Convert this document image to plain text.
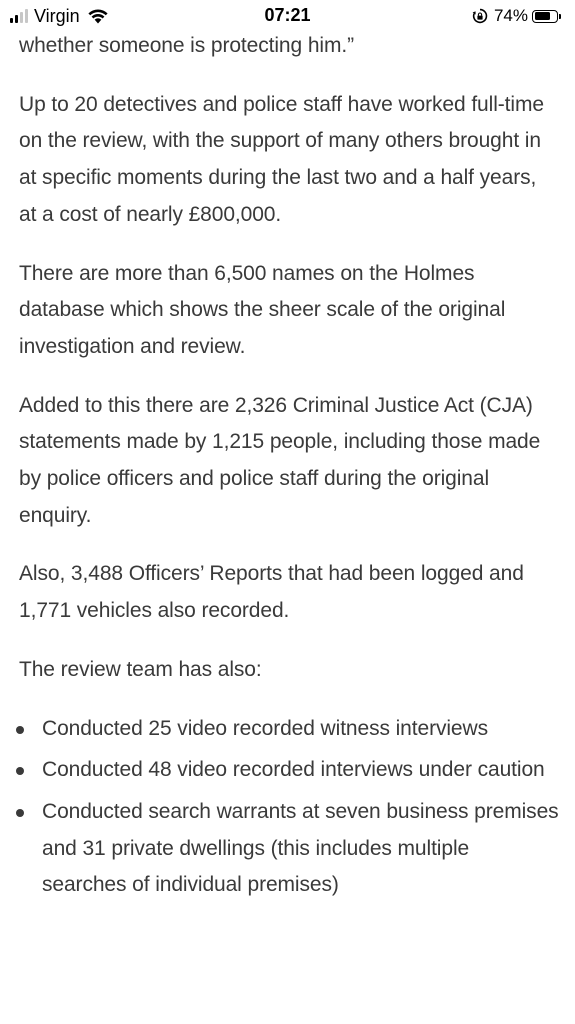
Virgin	07:21	74%

whether someone is protecting him.”

Up to 20 detectives and police staff have worked full-time on the review, with the support of many others brought in at specific moments during the last two and a half years, at a cost of nearly £800,000.

There are more than 6,500 names on the Holmes database which shows the sheer scale of the original investigation and review.

Added to this there are 2,326 Criminal Justice Act (CJA) statements made by 1,215 people, including those made by police officers and police staff during the original enquiry.

Also, 3,488 Officers’ Reports that had been logged and 1,771 vehicles also recorded.

The review team has also:

Conducted 25 video recorded witness interviews
Conducted 48 video recorded interviews under caution
Conducted search warrants at seven business premises and 31 private dwellings (this includes multiple searches of individual premises)
